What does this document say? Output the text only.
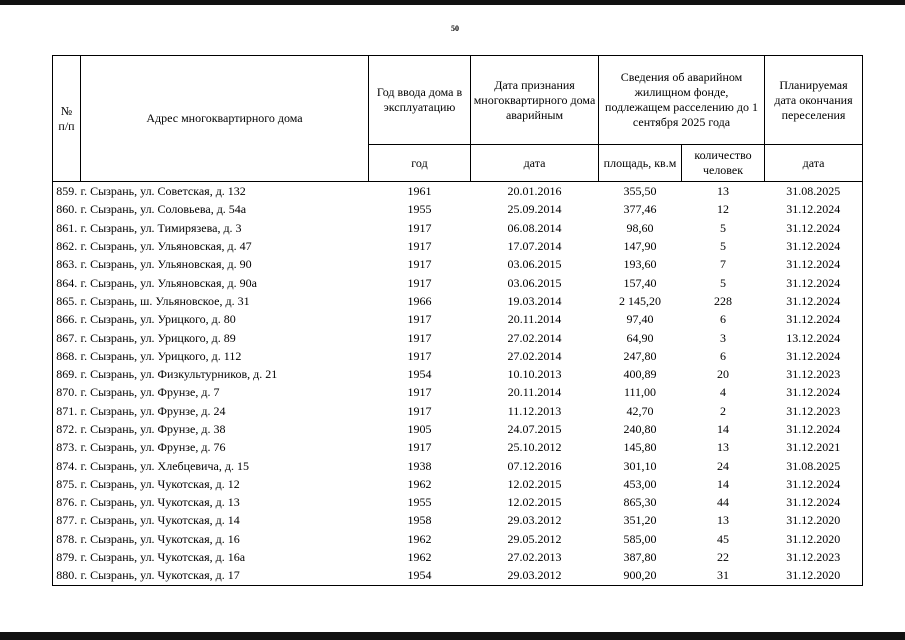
50
№ п/п	Адрес многоквартирного дома	Год ввода дома в эксплуатацию	Дата признания многоквартирного дома аварийным	Сведения об аварийном жилищном фонде, подлежащем расселению до 1 сентября 2025 года		Планируемая дата окончания переселения
		год	дата	площадь, кв.м	количество человек	дата
859.	г. Сызрань, ул. Советская, д. 132	1961	20.01.2016	355,50	13	31.08.2025
860.	г. Сызрань, ул. Соловьева, д. 54а	1955	25.09.2014	377,46	12	31.12.2024
861.	г. Сызрань, ул. Тимирязева, д. 3	1917	06.08.2014	98,60	5	31.12.2024
862.	г. Сызрань, ул. Ульяновская, д. 47	1917	17.07.2014	147,90	5	31.12.2024
863.	г. Сызрань, ул. Ульяновская, д. 90	1917	03.06.2015	193,60	7	31.12.2024
864.	г. Сызрань, ул. Ульяновская, д. 90а	1917	03.06.2015	157,40	5	31.12.2024
865.	г. Сызрань, ш. Ульяновское, д. 31	1966	19.03.2014	2 145,20	228	31.12.2024
866.	г. Сызрань, ул. Урицкого, д. 80	1917	20.11.2014	97,40	6	31.12.2024
867.	г. Сызрань, ул. Урицкого, д. 89	1917	27.02.2014	64,90	3	13.12.2024
868.	г. Сызрань, ул. Урицкого, д. 112	1917	27.02.2014	247,80	6	31.12.2024
869.	г. Сызрань, ул. Физкультурников, д. 21	1954	10.10.2013	400,89	20	31.12.2023
870.	г. Сызрань, ул. Фрунзе, д. 7	1917	20.11.2014	111,00	4	31.12.2024
871.	г. Сызрань, ул. Фрунзе, д. 24	1917	11.12.2013	42,70	2	31.12.2023
872.	г. Сызрань, ул. Фрунзе, д. 38	1905	24.07.2015	240,80	14	31.12.2024
873.	г. Сызрань, ул. Фрунзе, д. 76	1917	25.10.2012	145,80	13	31.12.2021
874.	г. Сызрань, ул. Хлебцевича, д. 15	1938	07.12.2016	301,10	24	31.08.2025
875.	г. Сызрань, ул. Чукотская, д. 12	1962	12.02.2015	453,00	14	31.12.2024
876.	г. Сызрань, ул. Чукотская, д. 13	1955	12.02.2015	865,30	44	31.12.2024
877.	г. Сызрань, ул. Чукотская, д. 14	1958	29.03.2012	351,20	13	31.12.2020
878.	г. Сызрань, ул. Чукотская, д. 16	1962	29.05.2012	585,00	45	31.12.2020
879.	г. Сызрань, ул. Чукотская, д. 16а	1962	27.02.2013	387,80	22	31.12.2023
880.	г. Сызрань, ул. Чукотская, д. 17	1954	29.03.2012	900,20	31	31.12.2020
